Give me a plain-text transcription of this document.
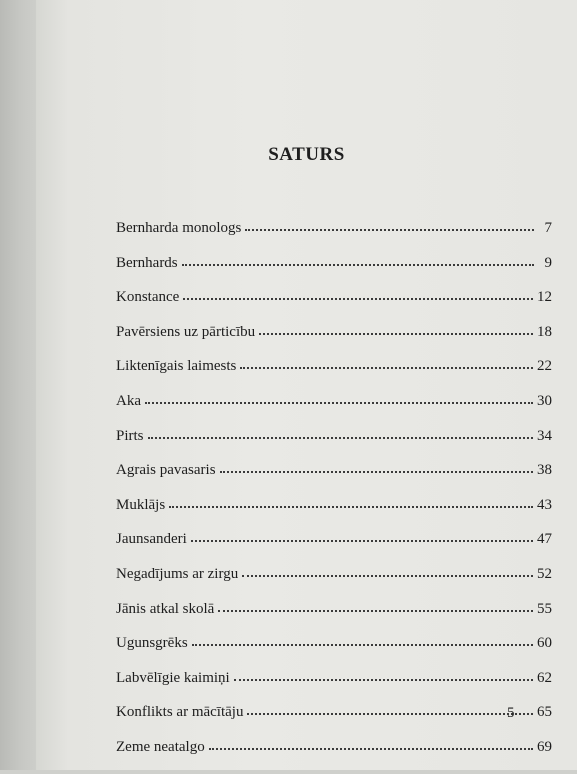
SATURS
Bernharda monologs	7
Bernhards	9
Konstance	12
Pavērsiens uz pārticību	18
Liktenīgais laimests	22
Aka	30
Pirts	34
Agrais pavasaris	38
Muklājs	43
Jaunsanderi	47
Negadījums ar zirgu	52
Jānis atkal skolā	55
Ugunsgrēks	60
Labvēlīgie kaimiņi	62
Konflikts ar mācītāju	65
Zeme neatalgo	69
5
